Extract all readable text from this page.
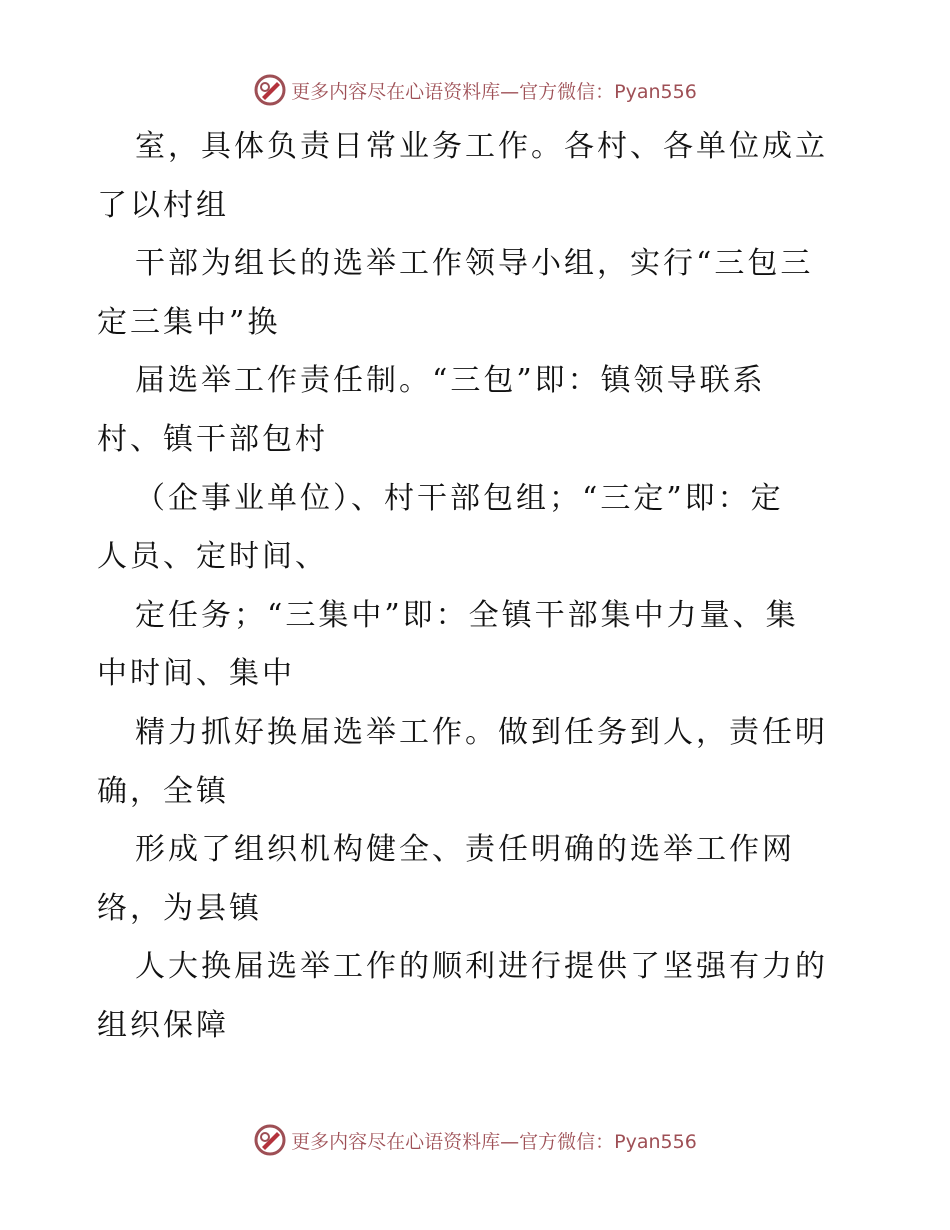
更多内容尽在心语资料库—官方微信：Pyan556

室，具体负责日常业务工作。各村、各单位成立
了以村组

干部为组长的选举工作领导小组，实行“三包三
定三集中”换

届选举工作责任制。“三包”即：镇领导联系
村、镇干部包村

（企事业单位）、村干部包组；“三定”即：定
人员、定时间、

定任务；“三集中”即：全镇干部集中力量、集
中时间、集中

精力抓好换届选举工作。做到任务到人，责任明
确，全镇

形成了组织机构健全、责任明确的选举工作网
络，为县镇

人大换届选举工作的顺利进行提供了坚强有力的
组织保障

更多内容尽在心语资料库—官方微信：Pyan556
